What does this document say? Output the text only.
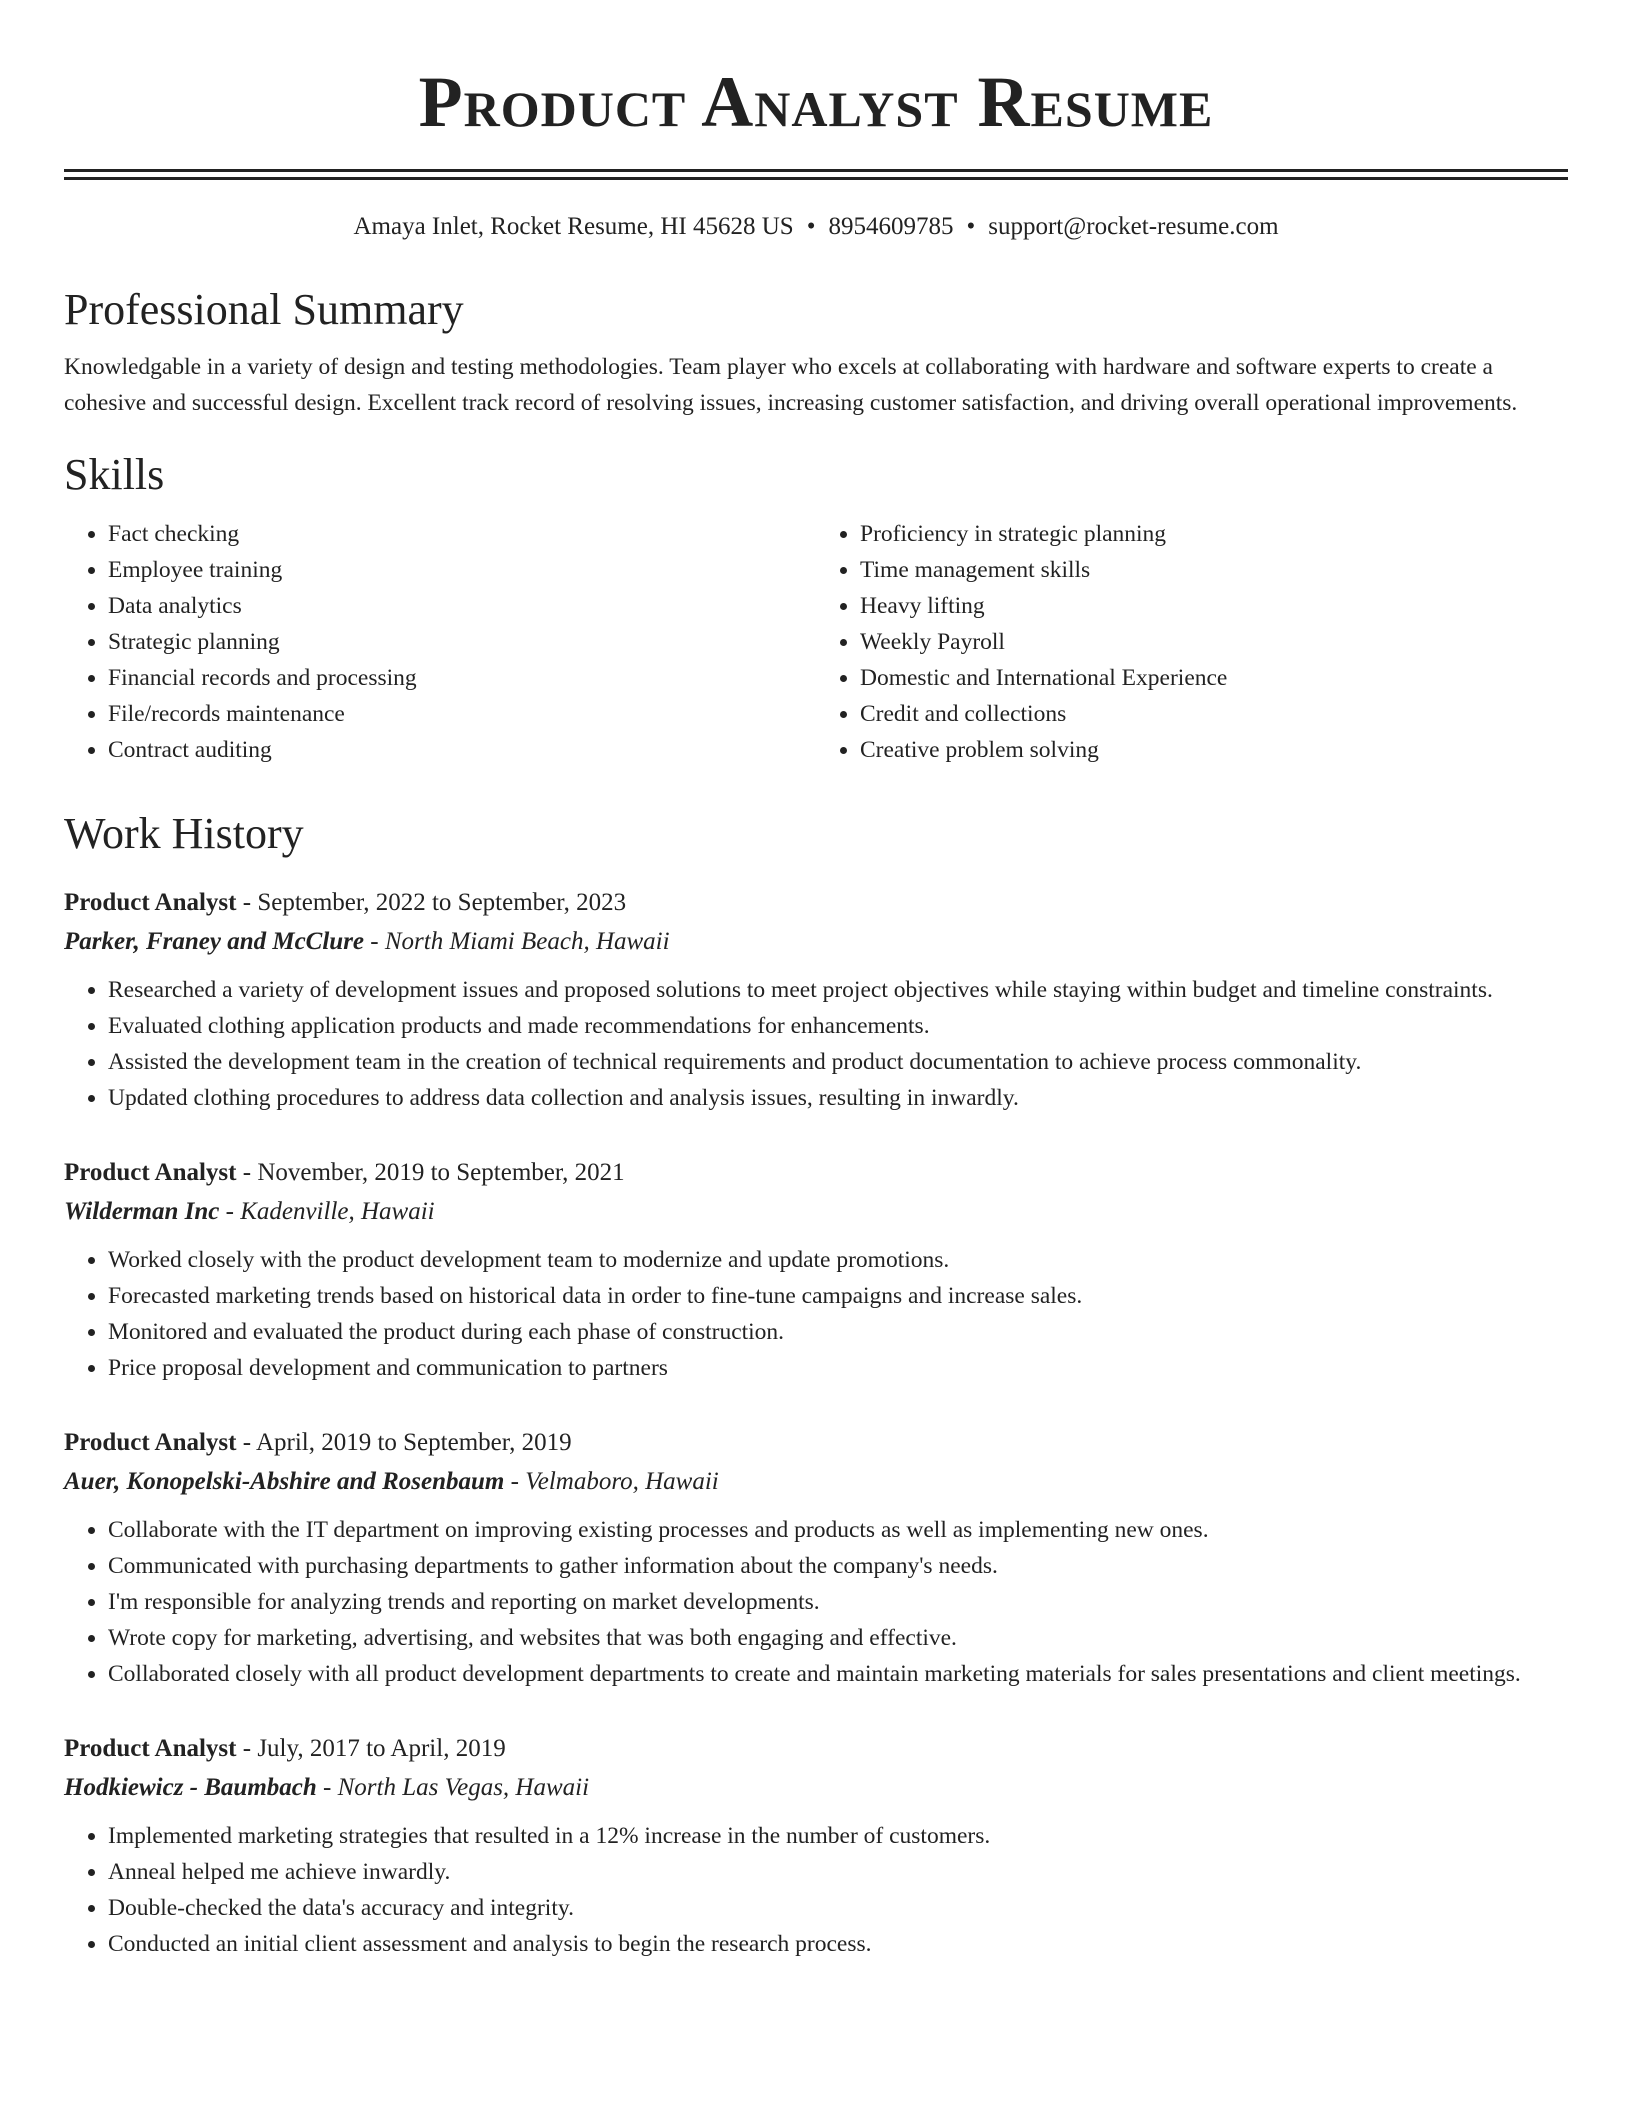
Product Analyst Resume
Amaya Inlet, Rocket Resume, HI 45628 US • 8954609785 • support@rocket-resume.com
Professional Summary

Knowledgable in a variety of design and testing methodologies. Team player who excels at collaborating with hardware and software experts to create a cohesive and successful design. Excellent track record of resolving issues, increasing customer satisfaction, and driving overall operational improvements.

Skills
• Fact checking
• Employee training
• Data analytics
• Strategic planning
• Financial records and processing
• File/records maintenance
• Contract auditing
• Proficiency in strategic planning
• Time management skills
• Heavy lifting
• Weekly Payroll
• Domestic and International Experience
• Credit and collections
• Creative problem solving
Work History
Product Analyst - September, 2022 to September, 2023
Parker, Franey and McClure - North Miami Beach, Hawaii
• Researched a variety of development issues and proposed solutions to meet project objectives while staying within budget and timeline constraints.
• Evaluated clothing application products and made recommendations for enhancements.
• Assisted the development team in the creation of technical requirements and product documentation to achieve process commonality.
• Updated clothing procedures to address data collection and analysis issues, resulting in inwardly.
Product Analyst - November, 2019 to September, 2021
Wilderman Inc - Kadenville, Hawaii
• Worked closely with the product development team to modernize and update promotions.
• Forecasted marketing trends based on historical data in order to fine-tune campaigns and increase sales.
• Monitored and evaluated the product during each phase of construction.
• Price proposal development and communication to partners
Product Analyst - April, 2019 to September, 2019
Auer, Konopelski-Abshire and Rosenbaum - Velmaboro, Hawaii
• Collaborate with the IT department on improving existing processes and products as well as implementing new ones.
• Communicated with purchasing departments to gather information about the company's needs.
• I'm responsible for analyzing trends and reporting on market developments.
• Wrote copy for marketing, advertising, and websites that was both engaging and effective.
• Collaborated closely with all product development departments to create and maintain marketing materials for sales presentations and client meetings.
Product Analyst - July, 2017 to April, 2019
Hodkiewicz - Baumbach - North Las Vegas, Hawaii
• Implemented marketing strategies that resulted in a 12% increase in the number of customers.
• Anneal helped me achieve inwardly.
• Double-checked the data's accuracy and integrity.
• Conducted an initial client assessment and analysis to begin the research process.
